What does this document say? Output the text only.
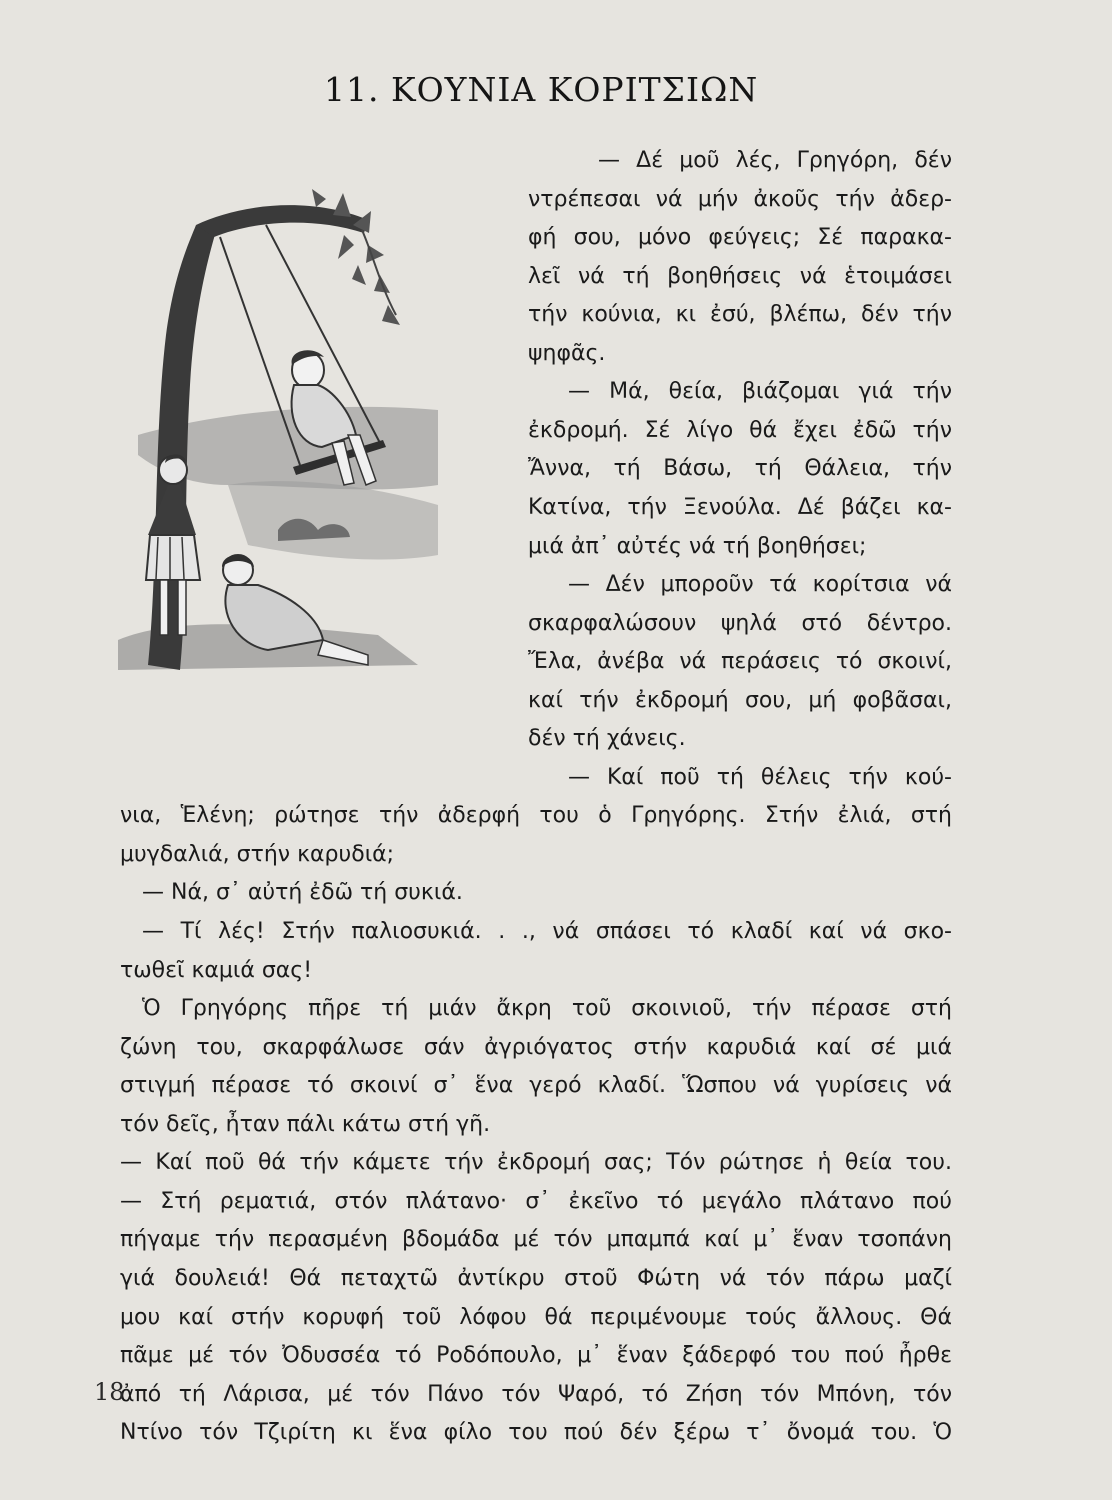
11. ΚΟΥΝΙΑ ΚΟΡΙΤΣΙΩΝ
— Δέ μοῦ λές, Γρηγόρη, δέν
ντρέπεσαι νά μήν ἀκοῦς τήν ἀδερ-
φή σου, μόνο φεύγεις; Σέ παρακα-
λεῖ νά τή βοηθήσεις νά ἑτοιμάσει
τήν κούνια, κι ἐσύ, βλέπω, δέν τήν
ψηφᾶς.
— Μά, θεία, βιάζομαι γιά τήν
ἐκδρομή. Σέ λίγο θά ἔχει ἐδῶ τήν
Ἄννα, τή Βάσω, τή Θάλεια, τήν
Κατίνα, τήν Ξενούλα. Δέ βάζει κα-
μιά ἀπ᾽ αὐτές νά τή βοηθήσει;
— Δέν μποροῦν τά κορίτσια νά
σκαρφαλώσουν ψηλά στό δέντρο.
Ἔλα, ἀνέβα νά περάσεις τό σκοινί,
καί τήν ἐκδρομή σου, μή φοβᾶσαι,
δέν τή χάνεις.
— Καί ποῦ τή θέλεις τήν κού-
νια, Ἑλένη; ρώτησε τήν ἀδερφή του ὁ Γρηγόρης. Στήν ἐλιά, στή
μυγδαλιά, στήν καρυδιά;
— Νά, σ᾽ αὐτή ἐδῶ τή συκιά.
— Τί λές! Στήν παλιοσυκιά. . ., νά σπάσει τό κλαδί καί νά σκο-
τωθεῖ καμιά σας!
Ὁ Γρηγόρης πῆρε τή μιάν ἄκρη τοῦ σκοινιοῦ, τήν πέρασε στή
ζώνη του, σκαρφάλωσε σάν ἀγριόγατος στήν καρυδιά καί σέ μιά
στιγμή πέρασε τό σκοινί σ᾽ ἕνα γερό κλαδί. Ὥσπου νά γυρίσεις νά
τόν δεῖς, ἦταν πάλι κάτω στή γῆ.
— Καί ποῦ θά τήν κάμετε τήν ἐκδρομή σας; Τόν ρώτησε ἡ θεία του.
— Στή ρεματιά, στόν πλάτανο· σ᾽ ἐκεῖνο τό μεγάλο πλάτανο πού
πήγαμε τήν περασμένη βδομάδα μέ τόν μπαμπά καί μ᾽ ἕναν τσοπάνη
γιά δουλειά! Θά πεταχτῶ ἀντίκρυ στοῦ Φώτη νά τόν πάρω μαζί
μου καί στήν κορυφή τοῦ λόφου θά περιμένουμε τούς ἄλλους. Θά
πᾶμε μέ τόν Ὀδυσσέα τό Ροδόπουλο, μ᾽ ἕναν ξάδερφό του πού ἦρθε
ἀπό τή Λάρισα, μέ τόν Πάνο τόν Ψαρό, τό Ζήση τόν Μπόνη, τόν
Ντίνο τόν Τζιρίτη κι ἕνα φίλο του πού δέν ξέρω τ᾽ ὄνομά του. Ὁ
18
